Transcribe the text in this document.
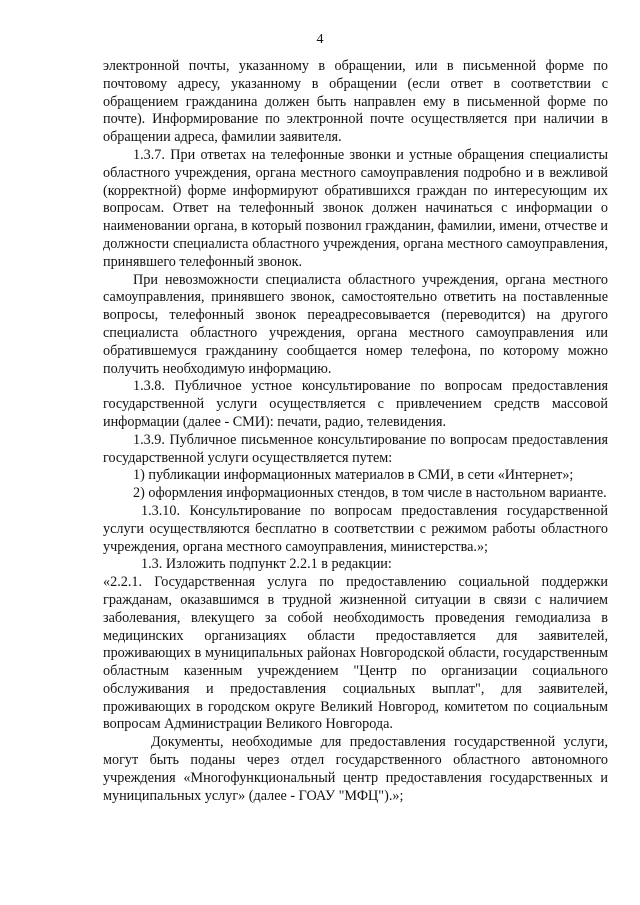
4

электронной почты, указанному в обращении, или в письменной форме по почтовому адресу, указанному в обращении (если ответ в соответствии с обращением гражданина должен быть направлен ему в письменной форме по почте). Информирование по электронной почте осуществляется при наличии в обращении адреса, фамилии заявителя.

1.3.7. При ответах на телефонные звонки и устные обращения специалисты областного учреждения, органа местного самоуправления подробно и в вежливой (корректной) форме информируют обратившихся граждан по интересующим их вопросам. Ответ на телефонный звонок должен начинаться с информации о наименовании органа, в который позвонил гражданин, фамилии, имени, отчестве и должности специалиста областного учреждения, органа местного самоуправления, принявшего телефонный звонок.

При невозможности специалиста областного учреждения, органа местного самоуправления, принявшего звонок, самостоятельно ответить на поставленные вопросы, телефонный звонок переадресовывается (переводится) на другого специалиста областного учреждения, органа местного самоуправления или обратившемуся гражданину сообщается номер телефона, по которому можно получить необходимую информацию.

1.3.8. Публичное устное консультирование по вопросам предоставления государственной услуги осуществляется с привлечением средств массовой информации (далее - СМИ): печати, радио, телевидения.

1.3.9. Публичное письменное консультирование по вопросам предоставления государственной услуги осуществляется путем:

1) публикации информационных материалов в СМИ, в сети «Интернет»;

2) оформления информационных стендов, в том числе в настольном варианте.

1.3.10. Консультирование по вопросам предоставления государственной услуги осуществляются бесплатно в соответствии с режимом работы областного учреждения, органа местного самоуправления, министерства.»;

1.3. Изложить подпункт 2.2.1 в редакции:

«2.2.1. Государственная услуга по предоставлению социальной поддержки гражданам, оказавшимся в трудной жизненной ситуации в связи с наличием заболевания, влекущего за собой необходимость проведения гемодиализа в медицинских организациях области предоставляется для заявителей, проживающих в муниципальных районах Новгородской области, государственным областным казенным учреждением "Центр по организации социального обслуживания и предоставления социальных выплат", для заявителей, проживающих в городском округе Великий Новгород, комитетом по социальным вопросам Администрации Великого Новгорода.

Документы, необходимые для предоставления государственной услуги, могут быть поданы через отдел государственного областного автономного учреждения «Многофункциональный центр предоставления государственных и муниципальных услуг» (далее - ГОАУ "МФЦ").»;
